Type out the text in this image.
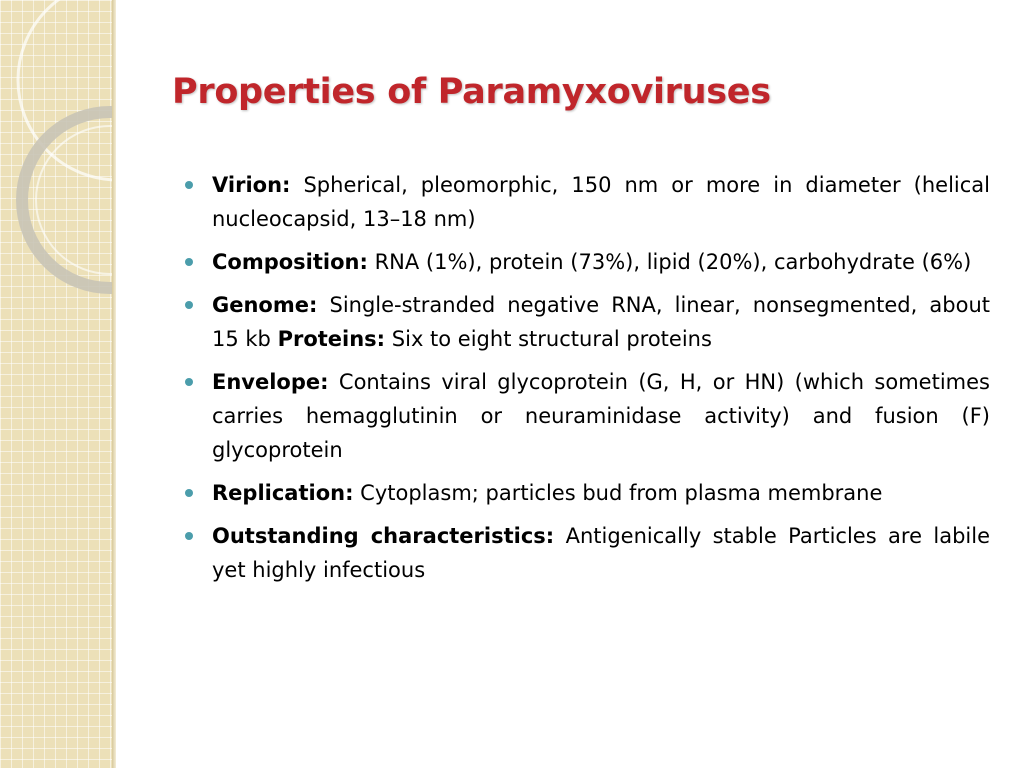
Properties of Paramyxoviruses
Virion: Spherical, pleomorphic, 150 nm or more in diameter (helical nucleocapsid, 13–18 nm)
Composition: RNA (1%), protein (73%), lipid (20%), carbohydrate (6%)
Genome: Single-stranded negative RNA, linear, nonsegmented, about 15 kb Proteins: Six to eight structural proteins
Envelope: Contains viral glycoprotein (G, H, or HN) (which sometimes carries hemagglutinin or neuraminidase activity) and fusion (F) glycoprotein
Replication: Cytoplasm; particles bud from plasma membrane
Outstanding characteristics: Antigenically stable Particles are labile yet highly infectious
